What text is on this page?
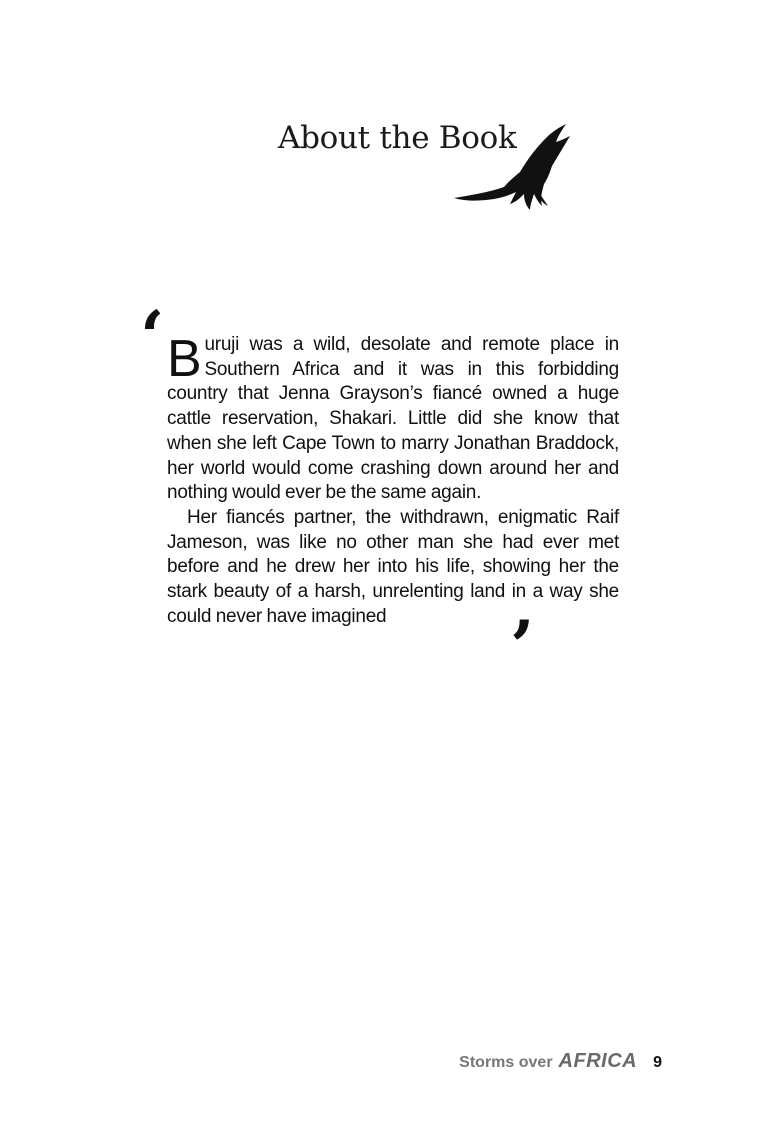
About the Book
‘ Buruji was a wild, desolate and remote place in Southern Africa and it was in this forbidding country that Jenna Grayson’s fiancé owned a huge cattle reservation, Shakari. Little did she know that when she left Cape Town to marry Jonathan Braddock, her world would come crashing down around her and nothing would ever be the same again.

Her fiancés partner, the withdrawn, enigmatic Raif Jameson, was like no other man she had ever met before and he drew her into his life, showing her the stark beauty of a harsh, unrelenting land in a way she could never have imagined	’
Storms over AFRICA 9
